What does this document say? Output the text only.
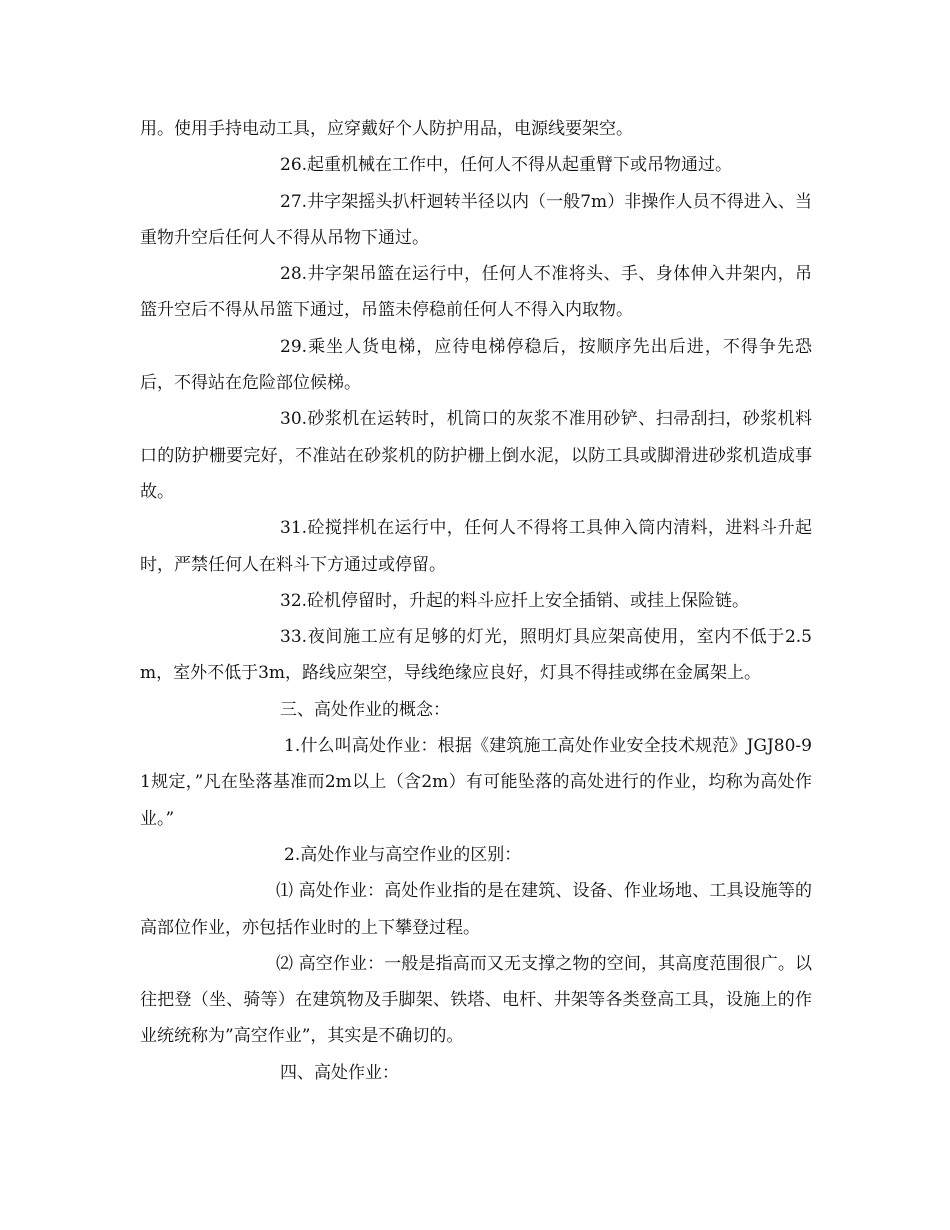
用。使用手持电动工具，应穿戴好个人防护用品，电源线要架空。

26.起重机械在工作中，任何人不得从起重臂下或吊物通过。

27.井字架摇头扒杆迴转半径以内（一般7m）非操作人员不得进入、当重物升空后任何人不得从吊物下通过。

28.井字架吊篮在运行中，任何人不准将头、手、身体伸入井架内，吊篮升空后不得从吊篮下通过，吊篮未停稳前任何人不得入内取物。

29.乘坐人货电梯，应待电梯停稳后，按顺序先出后进，不得争先恐后，不得站在危险部位候梯。

30.砂浆机在运转时，机筒口的灰浆不准用砂铲、扫帚刮扫，砂浆机料口的防护栅要完好，不准站在砂浆机的防护栅上倒水泥，以防工具或脚滑进砂浆机造成事故。

31.砼搅拌机在运行中，任何人不得将工具伸入筒内清料，进料斗升起时，严禁任何人在料斗下方通过或停留。

32.砼机停留时，升起的料斗应扦上安全插销、或挂上保险链。

33.夜间施工应有足够的灯光，照明灯具应架高使用，室内不低于2.5m，室外不低于3m，路线应架空，导线绝缘应良好，灯具不得挂或绑在金属架上。

三、高处作业的概念：

1.什么叫高处作业：根据《建筑施工高处作业安全技术规范》JGJ80-91规定，”凡在坠落基准而2m以上（含2m）有可能坠落的高处进行的作业，均称为高处作业。”

2.高处作业与高空作业的区别：

⑴ 高处作业：高处作业指的是在建筑、设备、作业场地、工具设施等的高部位作业，亦包括作业时的上下攀登过程。

⑵ 高空作业：一般是指高而又无支撑之物的空间，其高度范围很广。以往把登（坐、骑等）在建筑物及手脚架、铁塔、电杆、井架等各类登高工具，设施上的作业统统称为”高空作业”，其实是不确切的。

四、高处作业：
